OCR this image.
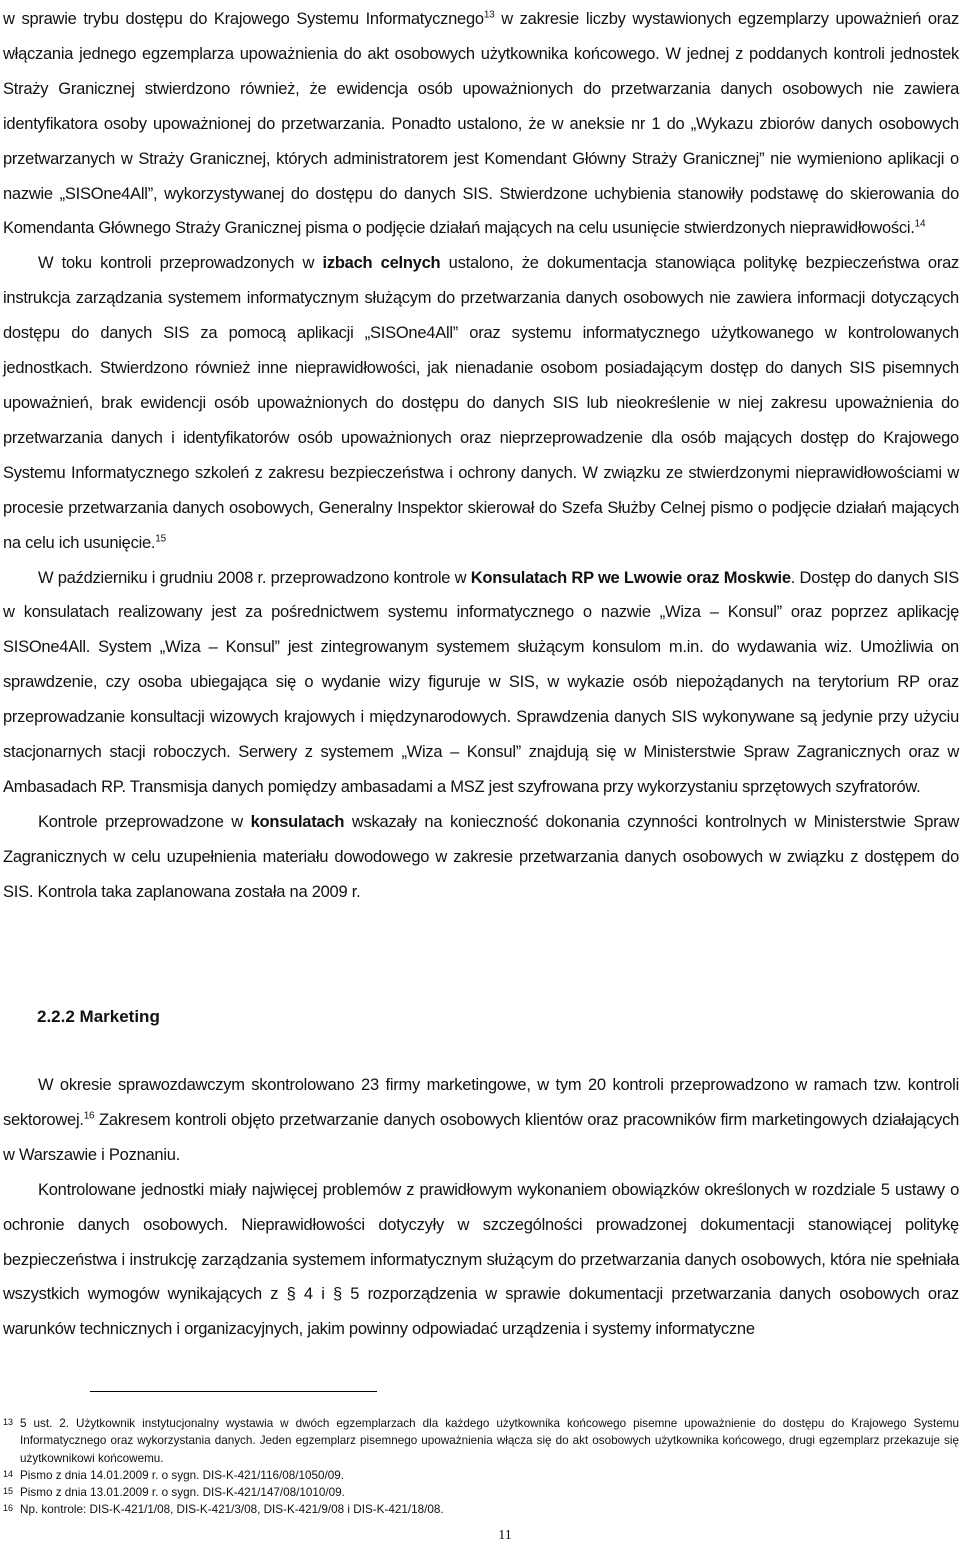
w sprawie trybu dostępu do Krajowego Systemu Informatycznego$^{13}$ w zakresie liczby wystawionych egzemplarzy upoważnień oraz włączania jednego egzemplarza upoważnienia do akt osobowych użytkownika końcowego. W jednej z poddanych kontroli jednostek Straży Granicznej stwierdzono również, że ewidencja osób upoważnionych do przetwarzania danych osobowych nie zawiera identyfikatora osoby upoważnionej do przetwarzania. Ponadto ustalono, że w aneksie nr 1 do „Wykazu zbiorów danych osobowych przetwarzanych w Straży Granicznej, których administratorem jest Komendant Główny Straży Granicznej” nie wymieniono aplikacji o nazwie „SISOne4All”, wykorzystywanej do dostępu do danych SIS. Stwierdzone uchybienia stanowiły podstawę do skierowania do Komendanta Głównego Straży Granicznej pisma o podjęcie działań mających na celu usunięcie stwierdzonych nieprawidłowości.$^{14}$

W toku kontroli przeprowadzonych w izbach celnych ustalono, że dokumentacja stanowiąca politykę bezpieczeństwa oraz instrukcja zarządzania systemem informatycznym służącym do przetwarzania danych osobowych nie zawiera informacji dotyczących dostępu do danych SIS za pomocą aplikacji „SISOne4All” oraz systemu informatycznego użytkowanego w kontrolowanych jednostkach. Stwierdzono również inne nieprawidłowości, jak nienadanie osobom posiadającym dostęp do danych SIS pisemnych upoważnień, brak ewidencji osób upoważnionych do dostępu do danych SIS lub nieokreślenie w niej zakresu upoważnienia do przetwarzania danych i identyfikatorów osób upoważnionych oraz nieprzeprowadzenie dla osób mających dostęp do Krajowego Systemu Informatycznego szkoleń z zakresu bezpieczeństwa i ochrony danych. W związku ze stwierdzonymi nieprawidłowościami w procesie przetwarzania danych osobowych, Generalny Inspektor skierował do Szefa Służby Celnej pismo o podjęcie działań mających na celu ich usunięcie.$^{15}$

W październiku i grudniu 2008 r. przeprowadzono kontrole w Konsulatach RP we Lwowie oraz Moskwie. Dostęp do danych SIS w konsulatach realizowany jest za pośrednictwem systemu informatycznego o nazwie „Wiza – Konsul” oraz poprzez aplikację SISOne4All. System „Wiza – Konsul” jest zintegrowanym systemem służącym konsulom m.in. do wydawania wiz. Umożliwia on sprawdzenie, czy osoba ubiegająca się o wydanie wizy figuruje w SIS, w wykazie osób niepożądanych na terytorium RP oraz przeprowadzanie konsultacji wizowych krajowych i międzynarodowych. Sprawdzenia danych SIS wykonywane są jedynie przy użyciu stacjonarnych stacji roboczych. Serwery z systemem „Wiza – Konsul” znajdują się w Ministerstwie Spraw Zagranicznych oraz w Ambasadach RP. Transmisja danych pomiędzy ambasadami a MSZ jest szyfrowana przy wykorzystaniu sprzętowych szyfratorów.

Kontrole przeprowadzone w konsulatach wskazały na konieczność dokonania czynności kontrolnych w Ministerstwie Spraw Zagranicznych w celu uzupełnienia materiału dowodowego w zakresie przetwarzania danych osobowych w związku z dostępem do SIS. Kontrola taka zaplanowana została na 2009 r.

2.2.2 Marketing

W okresie sprawozdawczym skontrolowano 23 firmy marketingowe, w tym 20 kontroli przeprowadzono w ramach tzw. kontroli sektorowej.$^{16}$ Zakresem kontroli objęto przetwarzanie danych osobowych klientów oraz pracowników firm marketingowych działających w Warszawie i Poznaniu.

Kontrolowane jednostki miały najwięcej problemów z prawidłowym wykonaniem obowiązków określonych w rozdziale 5 ustawy o ochronie danych osobowych. Nieprawidłowości dotyczyły w szczególności prowadzonej dokumentacji stanowiącej politykę bezpieczeństwa i instrukcję zarządzania systemem informatycznym służącym do przetwarzania danych osobowych, która nie spełniała wszystkich wymogów wynikających z § 4 i § 5 rozporządzenia w sprawie dokumentacji przetwarzania danych osobowych oraz warunków technicznych i organizacyjnych, jakim powinny odpowiadać urządzenia i systemy informatyczne

13 5 ust. 2. Użytkownik instytucjonalny wystawia w dwóch egzemplarzach dla każdego użytkownika końcowego pisemne upoważnienie do dostępu do Krajowego Systemu Informatycznego oraz wykorzystania danych. Jeden egzemplarz pisemnego upoważnienia włącza się do akt osobowych użytkownika końcowego, drugi egzemplarz przekazuje się użytkownikowi końcowemu.
14 Pismo z dnia 14.01.2009 r. o sygn. DIS-K-421/116/08/1050/09.
15 Pismo z dnia 13.01.2009 r. o sygn. DIS-K-421/147/08/1010/09.
16 Np. kontrole: DIS-K-421/1/08, DIS-K-421/3/08, DIS-K-421/9/08 i DIS-K-421/18/08.
11
